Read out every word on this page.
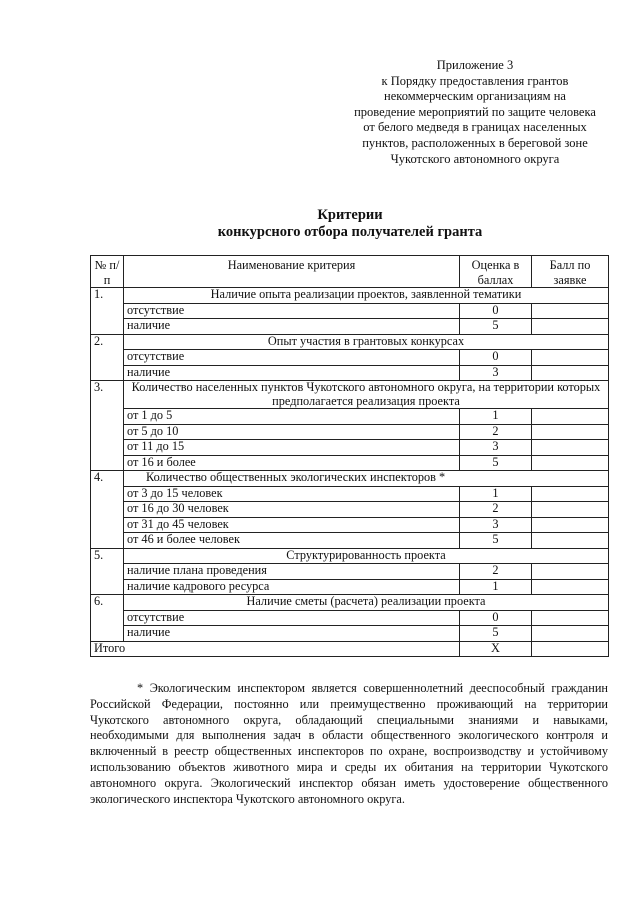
Приложение 3
к Порядку предоставления грантов
некоммерческим организациям на
проведение мероприятий по защите человека
от белого медведя в границах населенных
пунктов, расположенных в береговой зоне
Чукотского автономного округа
Критерии
конкурсного отбора получателей гранта
№ п/п	Наименование критерия	Оценка в баллах	Балл по заявке
1.	Наличие опыта реализации проектов, заявленной тематики		
	отсутствие	0	
	наличие	5	
2.	Опыт участия в грантовых конкурсах		
	отсутствие	0	
	наличие	3	
3.	Количество населенных пунктов Чукотского автономного округа, на территории которых предполагается реализация проекта		
	от 1 до 5	1	
	от 5 до 10	2	
	от 11 до 15	3	
	от 16 и более	5	
4.	Количество общественных экологических инспекторов *		
	от 3 до 15 человек	1	
	от 16 до 30 человек	2	
	от 31 до 45 человек	3	
	от 46 и более человек	5	
5.	Структурированность проекта		
	наличие плана проведения	2	
	наличие кадрового ресурса	1	
6.	Наличие сметы (расчета) реализации проекта		
	отсутствие	0	
	наличие	5	
Итого		X	

* Экологическим инспектором является совершеннолетний дееспособный гражданин Российской Федерации, постоянно или преимущественно проживающий на территории Чукотского автономного округа, обладающий специальными знаниями и навыками, необходимыми для выполнения задач в области общественного экологического контроля и включенный в реестр общественных инспекторов по охране, воспроизводству и устойчивому использованию объектов животного мира и среды их обитания на территории Чукотского автономного округа. Экологический инспектор обязан иметь удостоверение общественного экологического инспектора Чукотского автономного округа.
